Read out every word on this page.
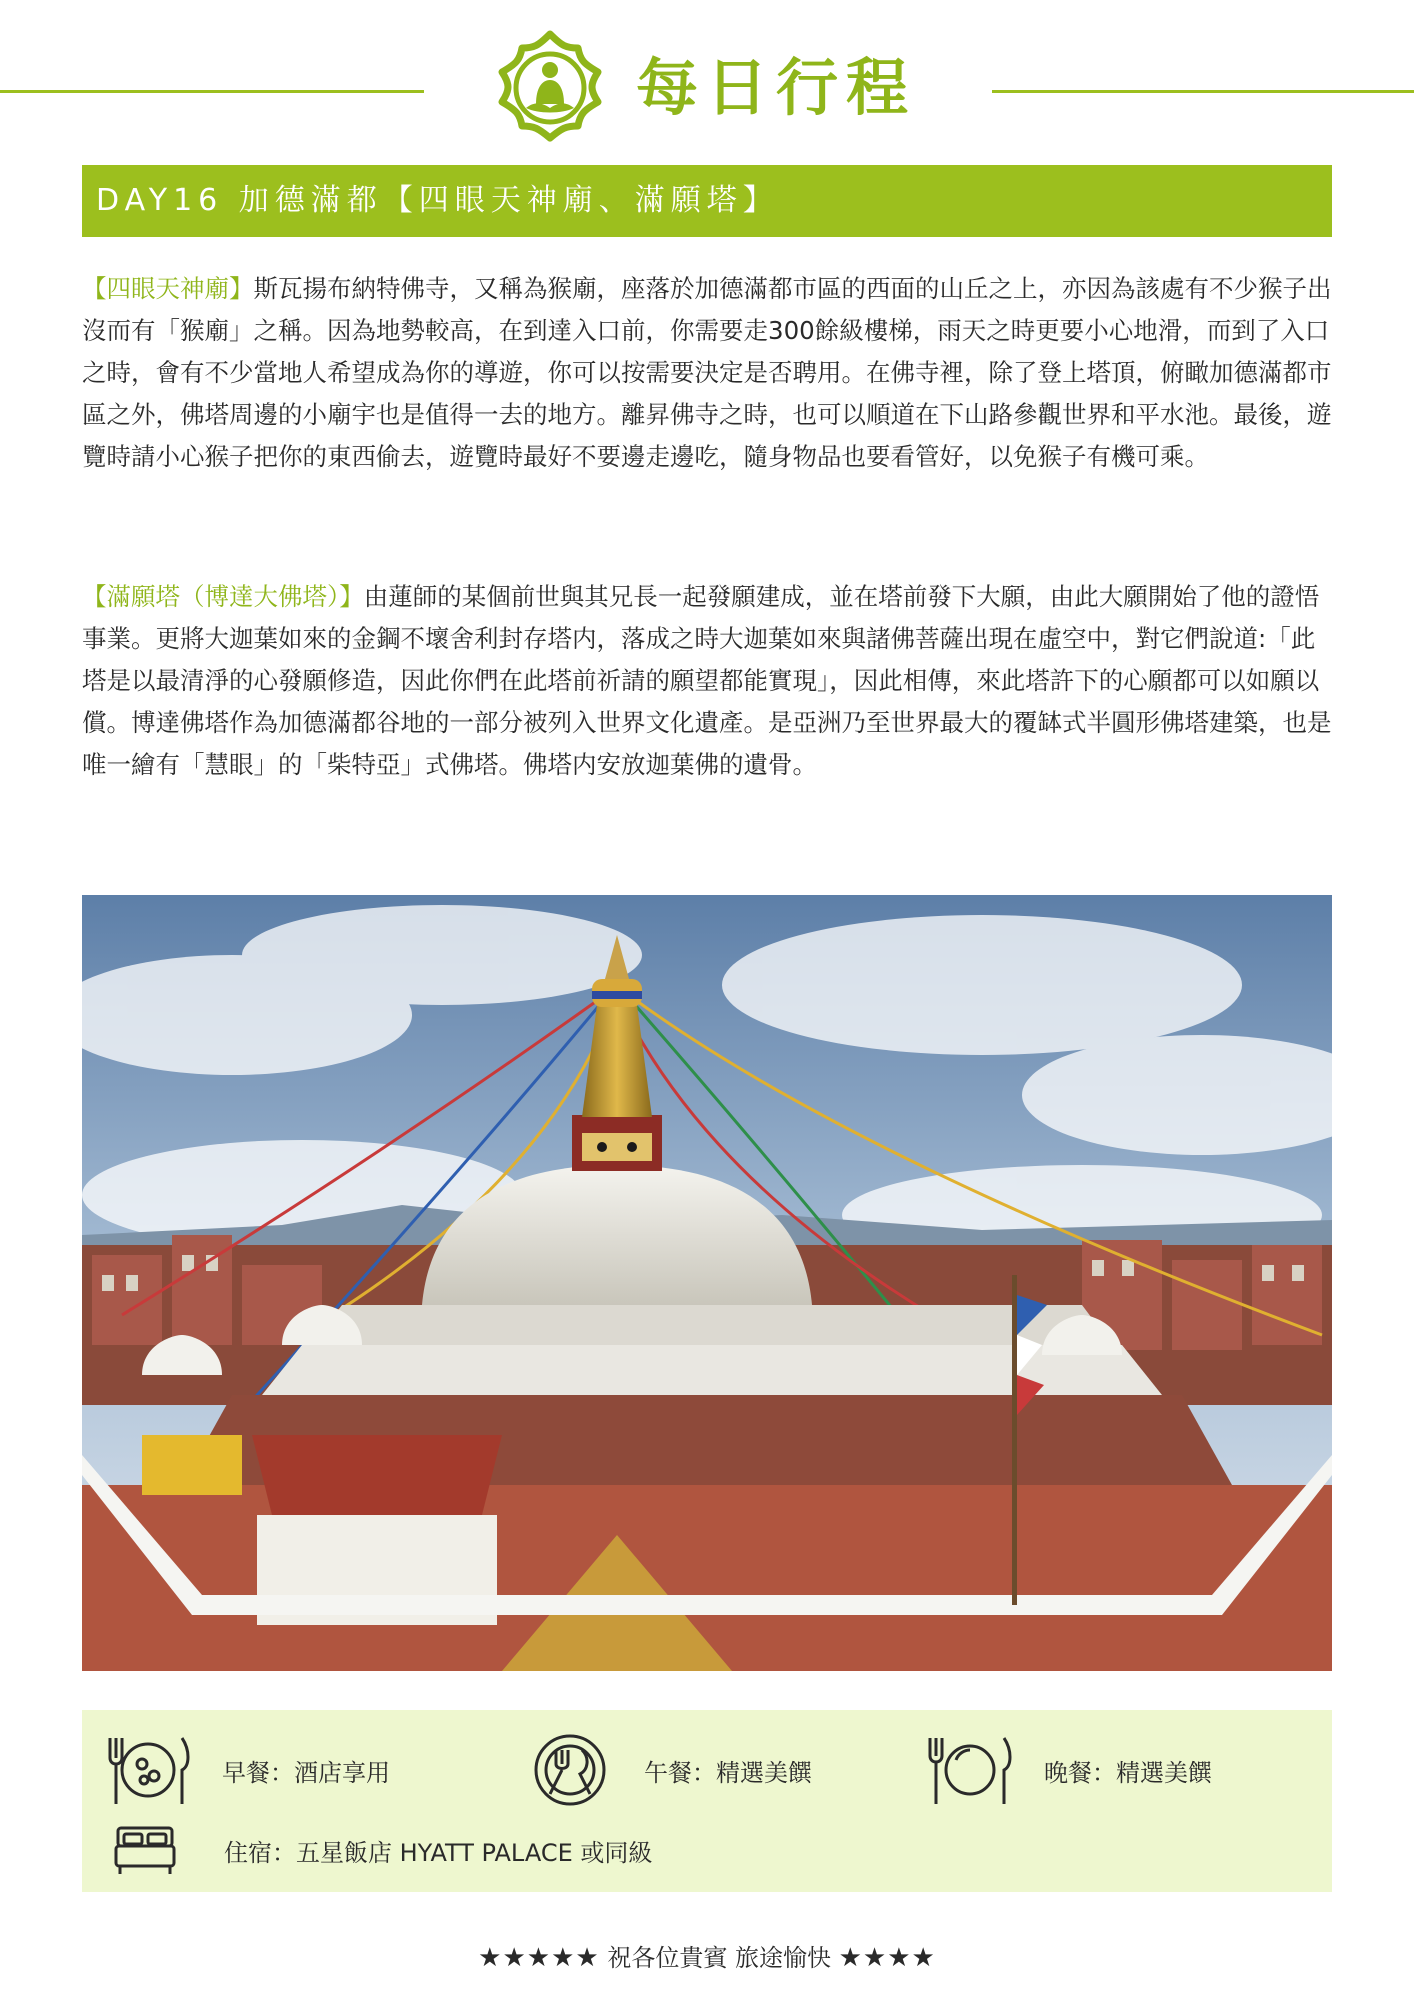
每日行程
DAY16 加德滿都【四眼天神廟、滿願塔】
【四眼天神廟】斯瓦揚布納特佛寺，又稱為猴廟，座落於加德滿都市區的西面的山丘之上，亦因為該處有不少猴子出沒而有「猴廟」之稱。因為地勢較高，在到達入口前，你需要走300餘級樓梯，雨天之時更要小心地滑，而到了入口之時，會有不少當地人希望成為你的導遊，你可以按需要決定是否聘用。在佛寺裡，除了登上塔頂，俯瞰加德滿都市區之外，佛塔周邊的小廟宇也是值得一去的地方。離昇佛寺之時，也可以順道在下山路參觀世界和平水池。最後，遊覽時請小心猴子把你的東西偷去，遊覽時最好不要邊走邊吃，隨身物品也要看管好，以免猴子有機可乘。
【滿願塔（博達大佛塔）】由蓮師的某個前世與其兄長一起發願建成，並在塔前發下大願，由此大願開始了他的證悟事業。更將大迦葉如來的金鋼不壞舍利封存塔内，落成之時大迦葉如來與諸佛菩薩出現在虛空中，對它們說道:「此塔是以最清淨的心發願修造，因此你們在此塔前祈請的願望都能實現」，因此相傳，來此塔許下的心願都可以如願以償。博達佛塔作為加德滿都谷地的一部分被列入世界文化遺產。是亞洲乃至世界最大的覆缽式半圓形佛塔建築，也是唯一繪有「慧眼」的「柴特亞」式佛塔。佛塔内安放迦葉佛的遺骨。
早餐：酒店享用	午餐：精選美饌	晚餐：精選美饌
住宿：五星飯店 HYATT PALACE 或同級
★★★★★ 祝各位貴賓 旅途愉快 ★★★★
